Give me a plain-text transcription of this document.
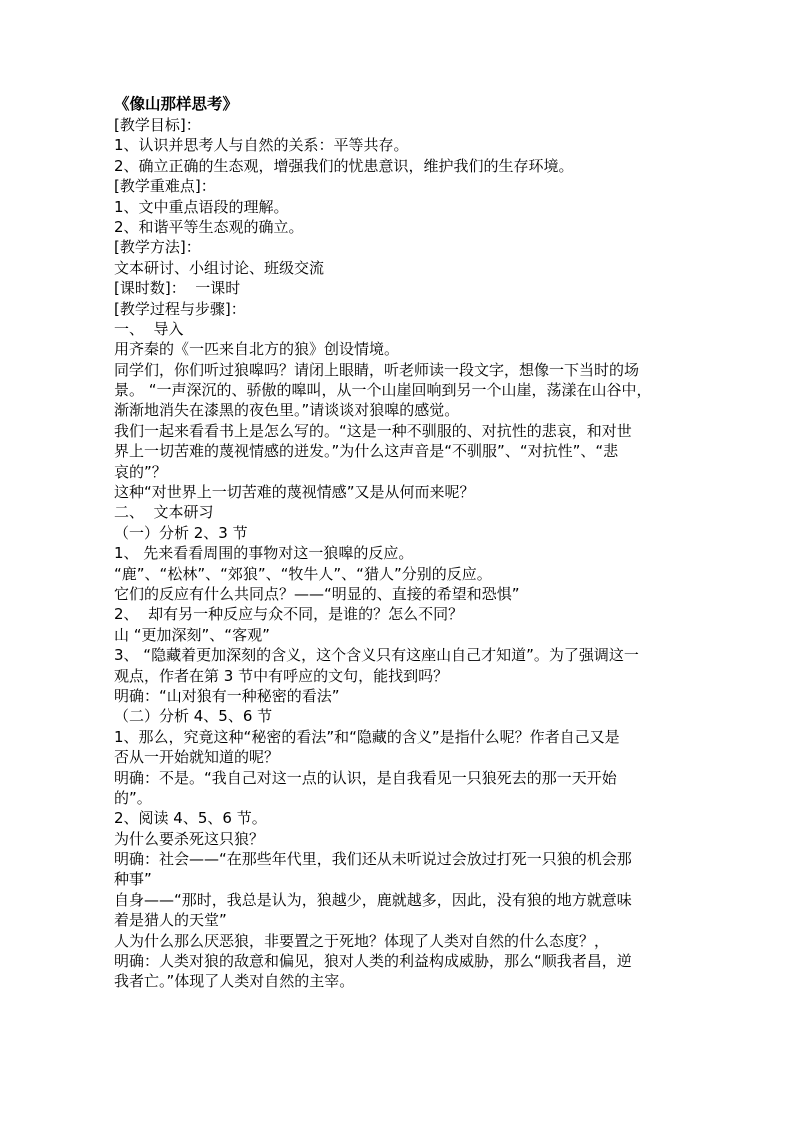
《像山那样思考》
[教学目标]：
1、认识并思考人与自然的关系：平等共存。
2、确立正确的生态观，增强我们的忧患意识，维护我们的生存环境。
[教学重难点]：
1、文中重点语段的理解。
2、和谐平等生态观的确立。
[教学方法]：
文本研讨、小组讨论、班级交流
[课时数]：  一课时
[教学过程与步骤]：
一、  导入
用齐秦的《一匹来自北方的狼》创设情境。
同学们，你们听过狼嗥吗？请闭上眼睛，听老师读一段文字，想像一下当时的场
景。 “一声深沉的、骄傲的嗥叫，从一个山崖回响到另一个山崖，荡漾在山谷中，
渐渐地消失在漆黑的夜色里。”请谈谈对狼嗥的感觉。
我们一起来看看书上是怎么写的。“这是一种不驯服的、对抗性的悲哀，和对世
界上一切苦难的蔑视情感的迸发。”为什么这声音是“不驯服”、“对抗性”、“悲
哀的”？
这种“对世界上一切苦难的蔑视情感”又是从何而来呢？
二、  文本研习
（一）分析 2、3 节
1、 先来看看周围的事物对这一狼嗥的反应。
“鹿”、“松林”、“郊狼”、“牧牛人”、“猎人”分别的反应。
它们的反应有什么共同点？——“明显的、直接的希望和恐惧”
2、  却有另一种反应与众不同，是谁的？怎么不同？
山 “更加深刻”、“客观”
3、 “隐藏着更加深刻的含义，这个含义只有这座山自己才知道”。为了强调这一
观点，作者在第 3 节中有呼应的文句，能找到吗？
明确：“山对狼有一种秘密的看法”
（二）分析 4、5、6 节
1、那么，究竟这种“秘密的看法”和“隐藏的含义”是指什么呢？作者自己又是
否从一开始就知道的呢？
明确：不是。“我自己对这一点的认识，是自我看见一只狼死去的那一天开始
的”。
2、阅读 4、5、6 节。
为什么要杀死这只狼？
明确：社会——“在那些年代里，我们还从未听说过会放过打死一只狼的机会那
种事”
自身——“那时，我总是认为，狼越少，鹿就越多，因此，没有狼的地方就意味
着是猎人的天堂”
人为什么那么厌恶狼，非要置之于死地？体现了人类对自然的什么态度？，
明确：人类对狼的敌意和偏见，狼对人类的利益构成威胁，那么“顺我者昌，逆
我者亡。”体现了人类对自然的主宰。
